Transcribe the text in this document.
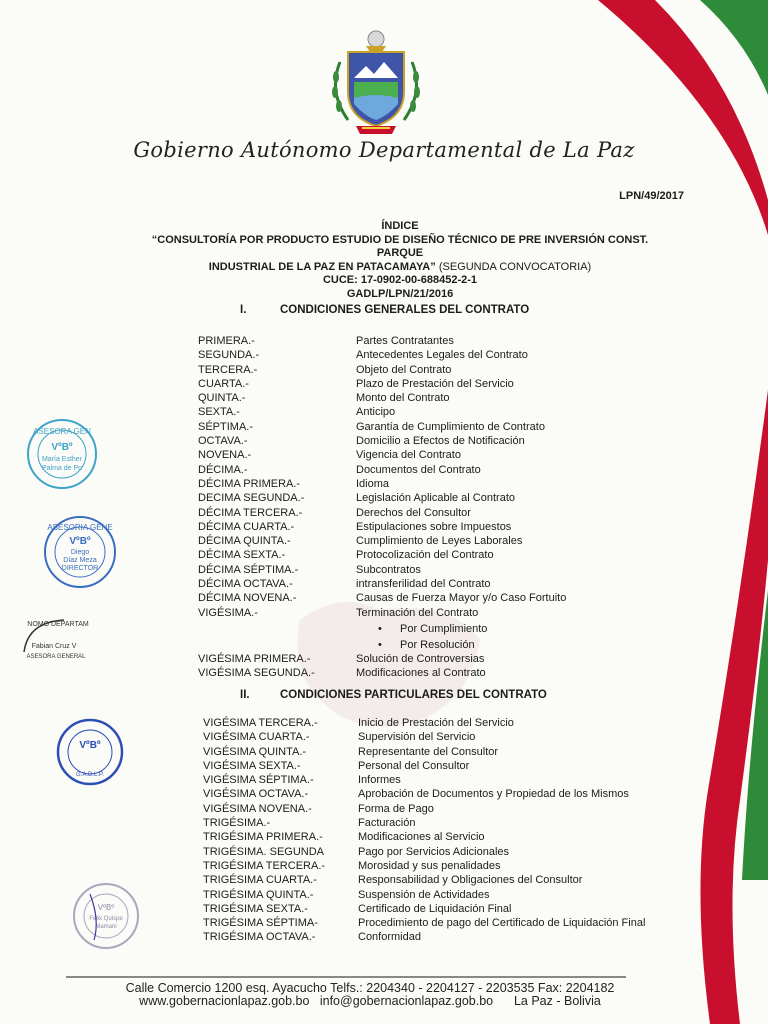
Gobierno Autónomo Departamental de La Paz
LPN/49/2017
ÍNDICE
“CONSULTORÍA POR PRODUCTO ESTUDIO DE DISEÑO TÉCNICO DE PRE INVERSIÓN CONST. PARQUE
INDUSTRIAL DE LA PAZ EN PATACAMAYA” (SEGUNDA CONVOCATORIA)
CUCE: 17-0902-00-688452-2-1
GADLP/LPN/21/2016
I.	CONDICIONES GENERALES DEL CONTRATO
PRIMERA.-	Partes Contratantes
SEGUNDA.-	Antecedentes Legales del Contrato
TERCERA.-	Objeto del Contrato
CUARTA.-	Plazo de Prestación del Servicio
QUINTA.-	Monto del Contrato
SEXTA.-	Anticipo
SÉPTIMA.-	Garantía de Cumplimiento de Contrato
OCTAVA.-	Domicilio a Efectos de Notificación
NOVENA.-	Vigencia del Contrato
DÉCIMA.-	Documentos del Contrato
DÉCIMA PRIMERA.-	Idioma
DECIMA SEGUNDA.-	Legislación Aplicable al Contrato
DÉCIMA TERCERA.-	Derechos del Consultor
DÉCIMA CUARTA.-	Estipulaciones sobre Impuestos
DÉCIMA QUINTA.-	Cumplimiento de Leyes Laborales
DÉCIMA SEXTA.-	Protocolización del Contrato
DÉCIMA SÉPTIMA.-	Subcontratos
DÉCIMA OCTAVA.-	intransferilidad del Contrato
DÉCIMA NOVENA.-	Causas de Fuerza Mayor y/o Caso Fortuito
VIGÉSIMA.-	Terminación del Contrato
• Por Cumplimiento
• Por Resolución
VIGÉSIMA PRIMERA.-	Solución de Controversias
VIGÉSIMA SEGUNDA.-	Modificaciones al Contrato
II.	CONDICIONES PARTICULARES DEL CONTRATO
VIGÉSIMA TERCERA.-	Inicio de Prestación del Servicio
VIGÉSIMA CUARTA.-	Supervisión del Servicio
VIGÉSIMA QUINTA.-	Representante del Consultor
VIGÉSIMA SEXTA.-	Personal del Consultor
VIGÉSIMA SÉPTIMA.-	Informes
VIGÉSIMA OCTAVA.-	Aprobación de Documentos y Propiedad de los Mismos
VIGÉSIMA NOVENA.-	Forma de Pago
TRIGÉSIMA.-	Facturación
TRIGÉSIMA PRIMERA.-	Modificaciones al Servicio
TRIGÉSIMA. SEGUNDA	Pago por Servicios Adicionales
TRIGÉSIMA TERCERA.-	Morosidad y sus penalidades
TRIGÉSIMA CUARTA.-	Responsabilidad y Obligaciones del Consultor
TRIGÉSIMA QUINTA.-	Suspensión de Actividades
TRIGÉSIMA SEXTA.-	Certificado de Liquidación Final
TRIGÉSIMA SÉPTIMA-	Procedimiento de pago del Certificado de Liquidación Final
TRIGÉSIMA OCTAVA.-	Conformidad
ASESORA GEN
VºBº
María Esther
Palma de Po
ASESORIA GENE
VºBº
Diego
Díaz Meza
DIRECTOR
NOMO DEPARTAM
Fabian Cruz V
ASESORA GENERAL
VºBº
G.A.D.L.P.
VºBº
Felix Quispe
Mamani
Calle Comercio 1200 esq. Ayacucho Telfs.: 2204340 - 2204127 - 2203535 Fax: 2204182
www.gobernacionlapaz.gob.bo info@gobernacionlapaz.gob.bo La Paz - Bolivia
